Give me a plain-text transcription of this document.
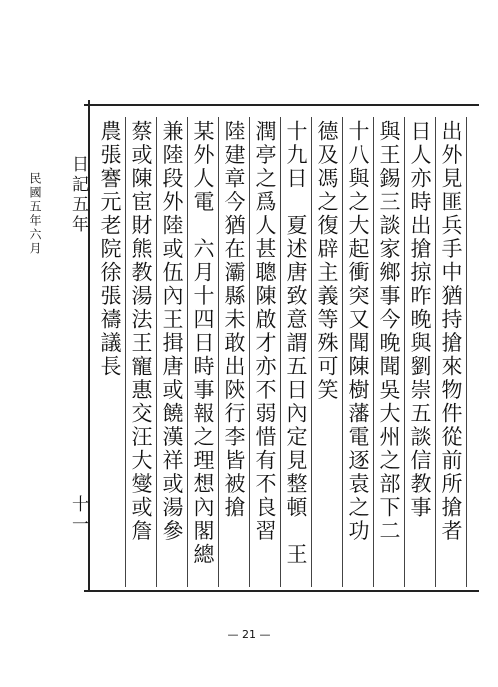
民國五年六月 日記五年
十一
— 21 —
出外見匪兵手中猶持搶來物件從前所搶者
日人亦時出搶掠昨晚與劉崇五談信教事
與王錫三談家鄉事今晚聞吳大州之部下二
十八與之大起衝突又聞陳樹藩電逐袁之功
德及馮之復辟主義等殊可笑
十九日　夏述唐致意謂五日內定見整頓　王
潤亭之爲人甚聰陳啟才亦不弱惜有不良習
陸建章今猶在灞縣未敢出陝行李皆被搶
某外人電　六月十四日時事報之理想內閣總
兼陸段外陸或伍內王揖唐或饒漢祥或湯參
蔡或陳宦財熊教湯法王寵惠交汪大燮或詹
農張謇元老院徐張禱議長
